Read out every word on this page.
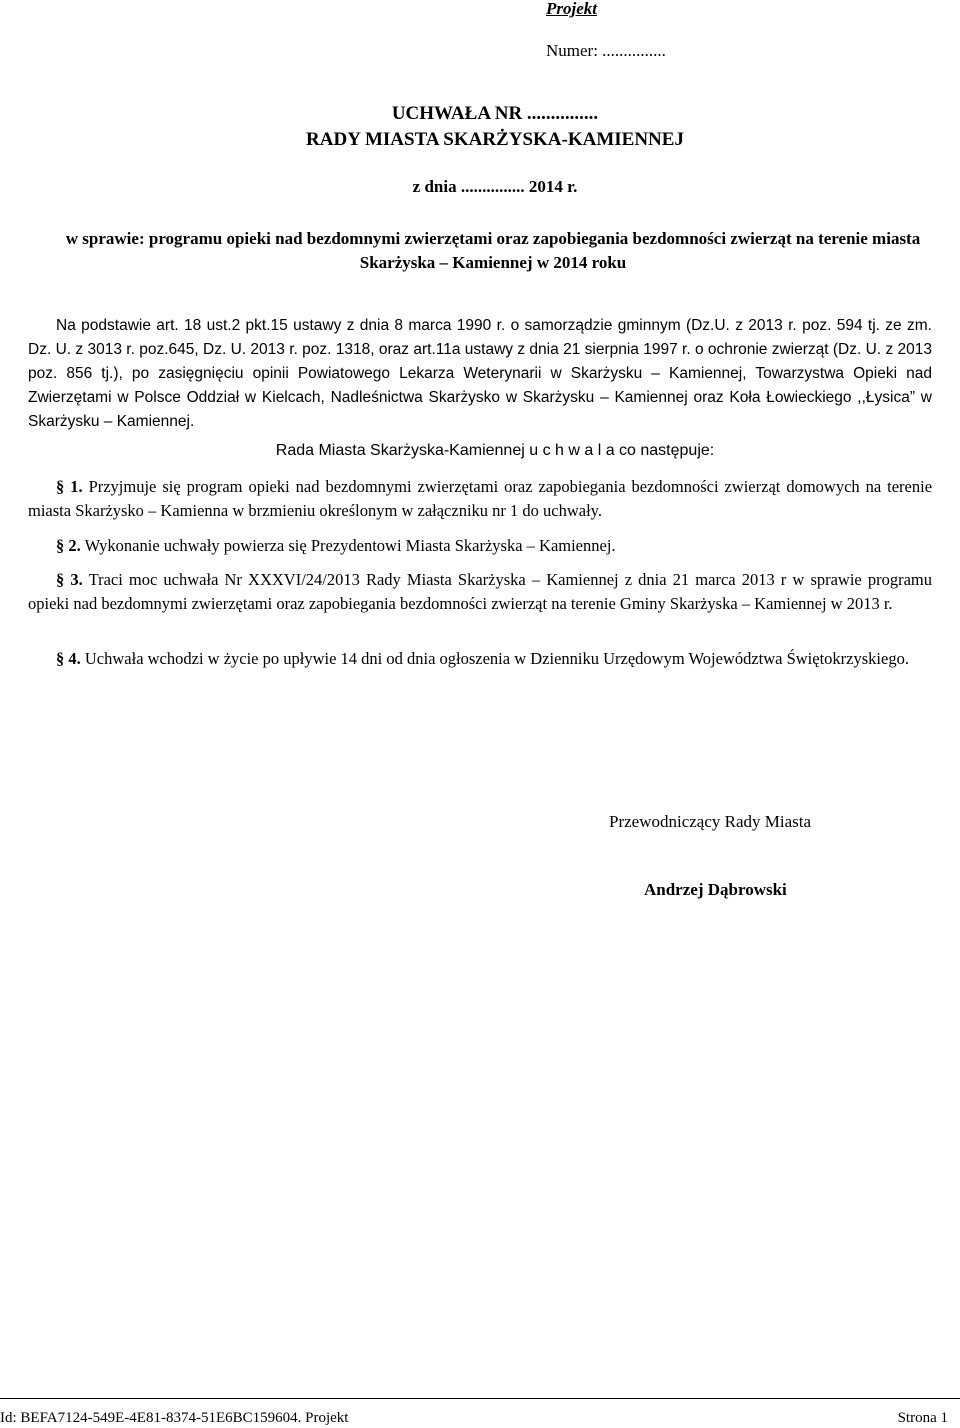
Projekt
Numer: ...............
UCHWAŁA NR ...............
RADY MIASTA SKARŻYSKA-KAMIENNEJ
z dnia ............... 2014 r.
w sprawie: programu opieki nad bezdomnymi zwierzętami oraz zapobiegania bezdomności zwierząt na terenie miasta Skarżyska – Kamiennej w 2014 roku
Na podstawie art. 18 ust.2 pkt.15 ustawy z dnia 8 marca 1990 r. o samorządzie gminnym (Dz.U. z 2013 r. poz. 594 tj. ze zm. Dz. U. z 3013 r. poz.645, Dz. U. 2013 r. poz. 1318, oraz art.11a ustawy z dnia 21 sierpnia 1997 r. o ochronie zwierząt (Dz. U. z 2013 poz. 856 tj.), po zasięgnięciu opinii Powiatowego Lekarza Weterynarii w Skarżysku – Kamiennej, Towarzystwa Opieki nad Zwierzętami w Polsce Oddział w Kielcach, Nadleśnictwa Skarżysko w Skarżysku – Kamiennej oraz Koła Łowieckiego ,,Łysica” w Skarżysku – Kamiennej.
Rada Miasta Skarżyska-Kamiennej u c h w a l a co następuje:
§ 1. Przyjmuje się program opieki nad bezdomnymi zwierzętami oraz zapobiegania bezdomności zwierząt domowych na terenie miasta Skarżysko – Kamienna w brzmieniu określonym w załączniku nr 1 do uchwały.
§ 2. Wykonanie uchwały powierza się Prezydentowi Miasta Skarżyska – Kamiennej.
§ 3. Traci moc uchwała Nr XXXVI/24/2013 Rady Miasta Skarżyska – Kamiennej z dnia 21 marca 2013 r w sprawie programu opieki nad bezdomnymi zwierzętami oraz zapobiegania bezdomności zwierząt na terenie Gminy Skarżyska – Kamiennej w 2013 r.
§ 4. Uchwała wchodzi w życie po upływie 14 dni od dnia ogłoszenia w Dzienniku Urzędowym Województwa Świętokrzyskiego.
Przewodniczący Rady Miasta
Andrzej Dąbrowski
Id: BEFA7124-549E-4E81-8374-51E6BC159604. Projekt	Strona 1
